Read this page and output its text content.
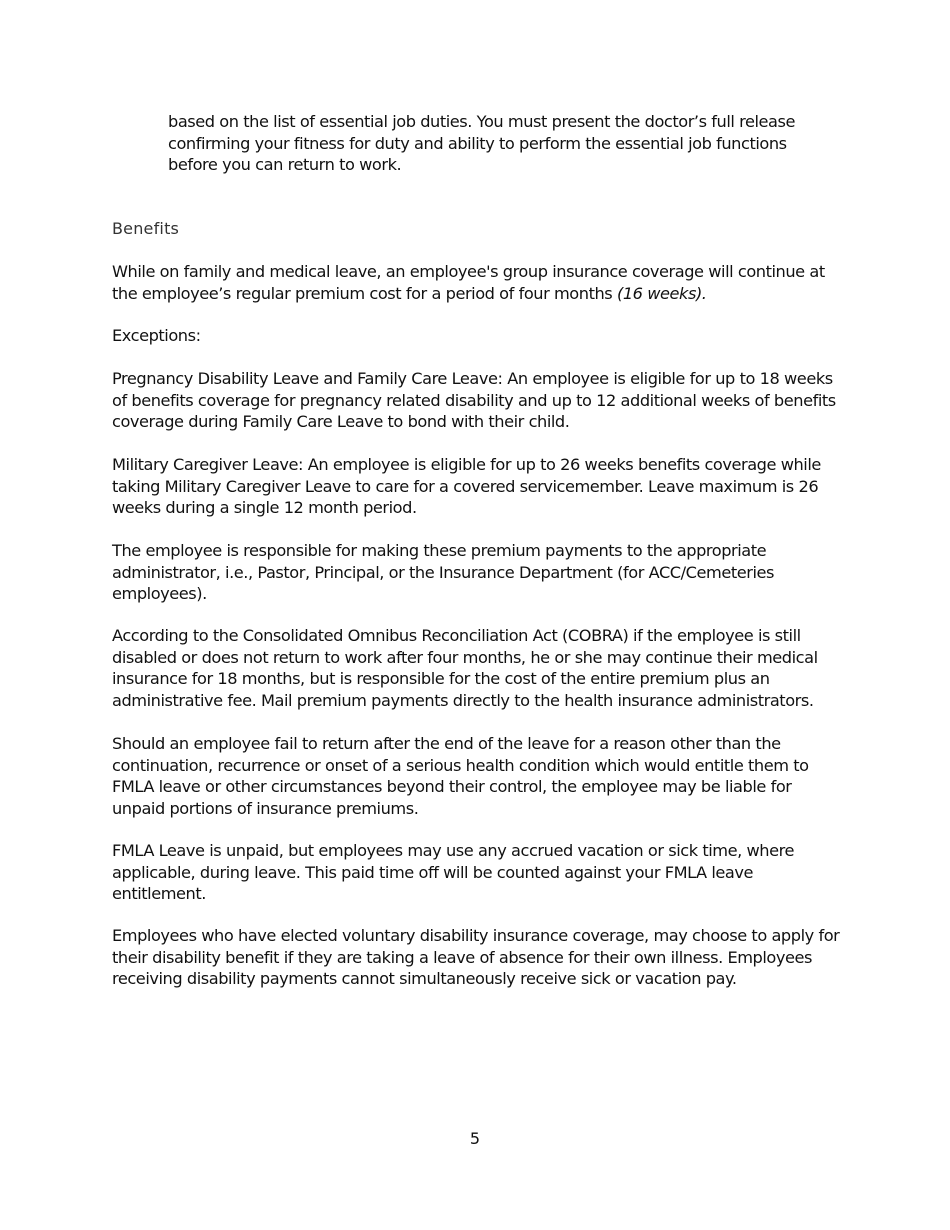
based on the list of essential job duties. You must present the doctor’s full release confirming your fitness for duty and ability to perform the essential job functions before you can return to work.

Benefits

While on family and medical leave, an employee's group insurance coverage will continue at the employee’s regular premium cost for a period of four months (16 weeks).

Exceptions:

Pregnancy Disability Leave and Family Care Leave: An employee is eligible for up to 18 weeks of benefits coverage for pregnancy related disability and up to 12 additional weeks of benefits coverage during Family Care Leave to bond with their child.

Military Caregiver Leave: An employee is eligible for up to 26 weeks benefits coverage while taking Military Caregiver Leave to care for a covered servicemember. Leave maximum is 26 weeks during a single 12 month period.

The employee is responsible for making these premium payments to the appropriate administrator, i.e., Pastor, Principal, or the Insurance Department (for ACC/Cemeteries employees).

According to the Consolidated Omnibus Reconciliation Act (COBRA) if the employee is still disabled or does not return to work after four months, he or she may continue their medical insurance for 18 months, but is responsible for the cost of the entire premium plus an administrative fee. Mail premium payments directly to the health insurance administrators.

Should an employee fail to return after the end of the leave for a reason other than the continuation, recurrence or onset of a serious health condition which would entitle them to FMLA leave or other circumstances beyond their control, the employee may be liable for unpaid portions of insurance premiums.

FMLA Leave is unpaid, but employees may use any accrued vacation or sick time, where applicable, during leave. This paid time off will be counted against your FMLA leave entitlement.

Employees who have elected voluntary disability insurance coverage, may choose to apply for their disability benefit if they are taking a leave of absence for their own illness. Employees receiving disability payments cannot simultaneously receive sick or vacation pay.

5
